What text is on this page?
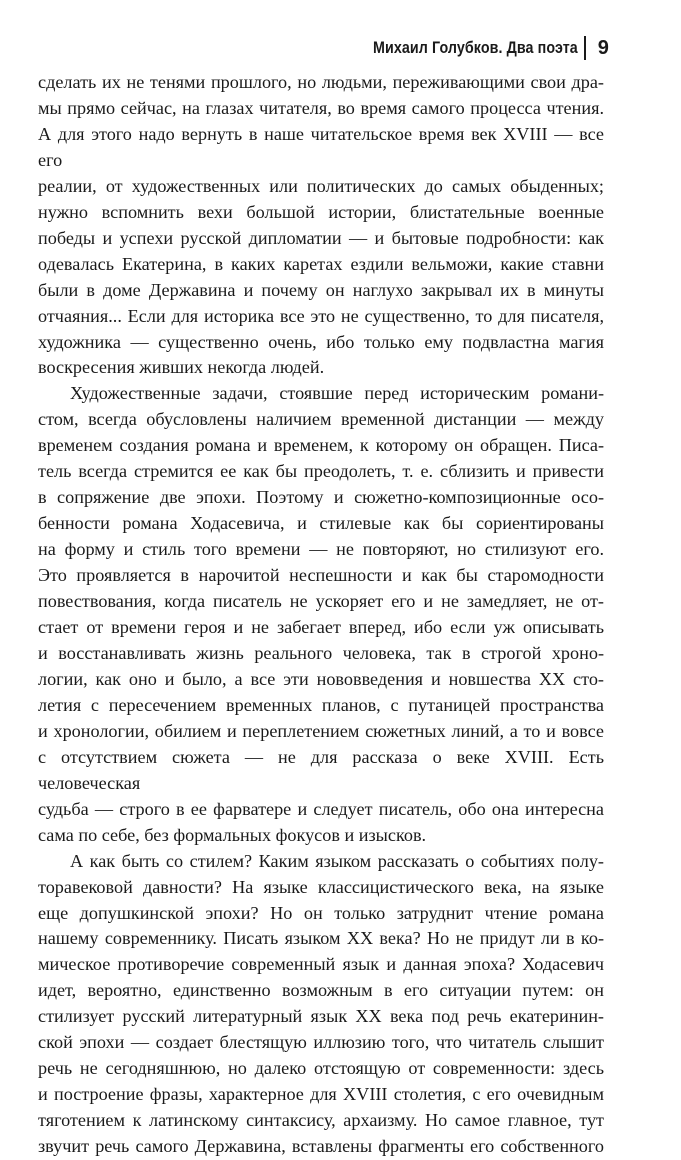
Михаил Голубков. Два поэта 9

сделать их не тенями прошлого, но людьми, переживающими свои дра-

мы прямо сейчас, на глазах читателя, во время самого процесса чтения.

А для этого надо вернуть в наше читательское время век XVIII — все его

реалии, от художественных или политических до самых обыденных;

нужно вспомнить вехи большой истории, блистательные военные

победы и успехи русской дипломатии — и бытовые подробности: как

одевалась Екатерина, в каких каретах ездили вельможи, какие ставни

были в доме Державина и почему он наглухо закрывал их в минуты

отчаяния... Если для историка все это не существенно, то для писателя,

художника — существенно очень, ибо только ему подвластна магия

воскресения живших некогда людей.

Художественные задачи, стоявшие перед историческим романи-

стом, всегда обусловлены наличием временной дистанции — между

временем создания романа и временем, к которому он обращен. Писа-

тель всегда стремится ее как бы преодолеть, т. е. сблизить и привести

в сопряжение две эпохи. Поэтому и сюжетно-композиционные осо-

бенности романа Ходасевича, и стилевые как бы сориентированы

на форму и стиль того времени — не повторяют, но стилизуют его.

Это проявляется в нарочитой неспешности и как бы старомодности

повествования, когда писатель не ускоряет его и не замедляет, не от-

стает от времени героя и не забегает вперед, ибо если уж описывать

и восстанавливать жизнь реального человека, так в строгой хроно-

логии, как оно и было, а все эти нововведения и новшества XX сто-

летия с пересечением временных планов, с путаницей пространства

и хронологии, обилием и переплетением сюжетных линий, а то и вовсе

с отсутствием сюжета — не для рассказа о веке XVIII. Есть человеческая

судьба — строго в ее фарватере и следует писатель, обо она интересна

сама по себе, без формальных фокусов и изысков.

А как быть со стилем? Каким языком рассказать о событиях полу-

торавековой давности? На языке классицистического века, на языке

еще допушкинской эпохи? Но он только затруднит чтение романа

нашему современнику. Писать языком XX века? Но не придут ли в ко-

мическое противоречие современный язык и данная эпоха? Ходасевич

идет, вероятно, единственно возможным в его ситуации путем: он

стилизует русский литературный язык XX века под речь екатеринин-

ской эпохи — создает блестящую иллюзию того, что читатель слышит

речь не сегодняшнюю, но далеко отстоящую от современности: здесь

и построение фразы, характерное для XVIII столетия, с его очевидным

тяготением к латинскому синтаксису, архаизму. Но самое главное, тут

звучит речь самого Державина, вставлены фрагменты его собственного
